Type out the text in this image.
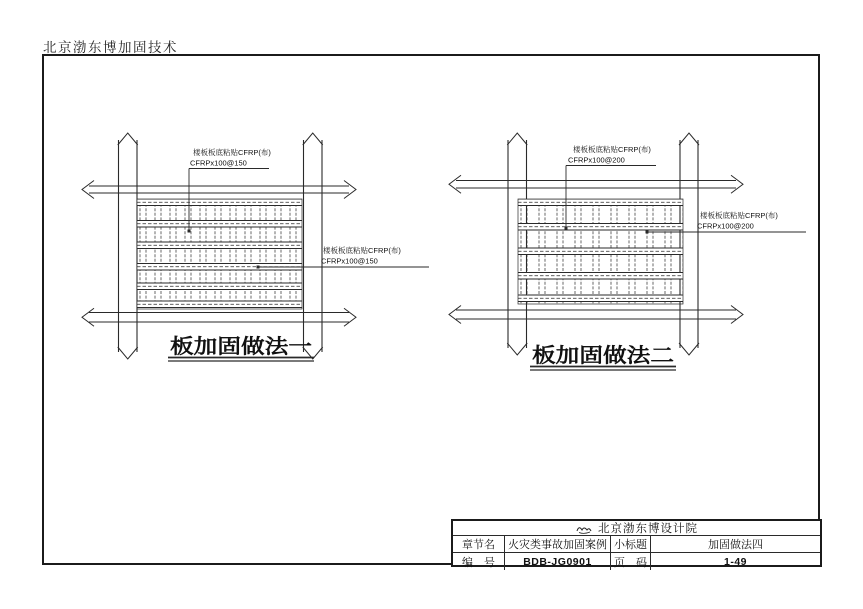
北京渤东博加固技术
楼板板底粘贴CFRP(布)
CFRPx100@150
楼板板底粘贴CFRP(布)
CFRPx100@150
板加固做法一
楼板板底粘贴CFRP(布)
CFRPx100@200
楼板板底粘贴CFRP(布)
CFRPx100@200
板加固做法二
北京渤东博设计院
章节名	火灾类事故加固案例 小标题	加固做法四
编　号	BDB-JG0901	页　码	1-49
